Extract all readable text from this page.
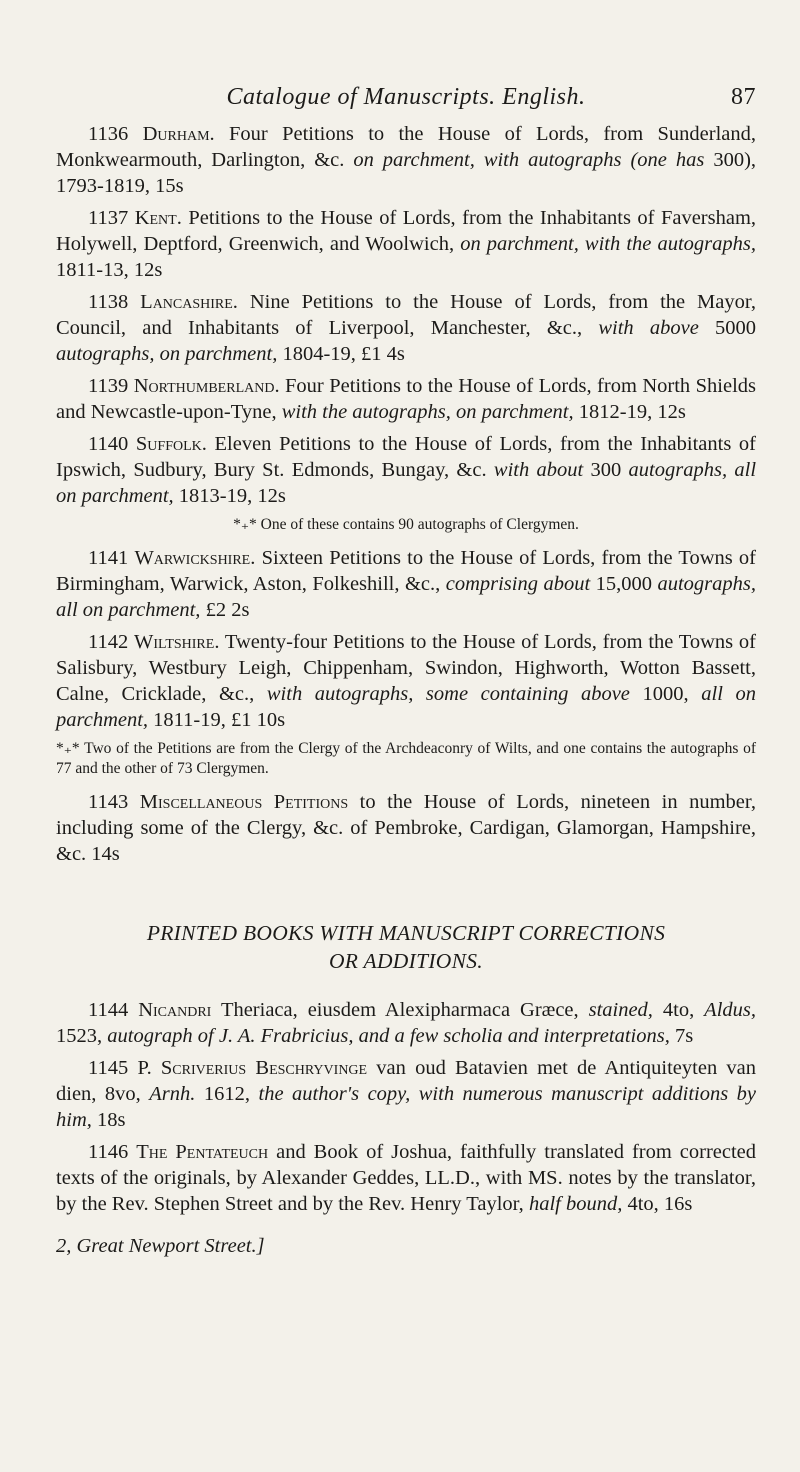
Catalogue of Manuscripts. English.	87

1136 Durham. Four Petitions to the House of Lords, from Sunderland, Monkwearmouth, Darlington, &c. on parchment, with autographs (one has 300), 1793-1819, 15s

1137 Kent. Petitions to the House of Lords, from the Inhabitants of Faversham, Holywell, Deptford, Greenwich, and Woolwich, on parchment, with the autographs, 1811-13, 12s

1138 Lancashire. Nine Petitions to the House of Lords, from the Mayor, Council, and Inhabitants of Liverpool, Manchester, &c., with above 5000 autographs, on parchment, 1804-19, £1 4s

1139 Northumberland. Four Petitions to the House of Lords, from North Shields and Newcastle-upon-Tyne, with the autographs, on parchment, 1812-19, 12s

1140 Suffolk. Eleven Petitions to the House of Lords, from the Inhabitants of Ipswich, Sudbury, Bury St. Edmonds, Bungay, &c. with about 300 autographs, all on parchment, 1813-19, 12s

*₊* One of these contains 90 autographs of Clergymen.

1141 Warwickshire. Sixteen Petitions to the House of Lords, from the Towns of Birmingham, Warwick, Aston, Folkeshill, &c., comprising about 15,000 autographs, all on parchment, £2 2s

1142 Wiltshire. Twenty-four Petitions to the House of Lords, from the Towns of Salisbury, Westbury Leigh, Chippenham, Swindon, Highworth, Wotton Bassett, Calne, Cricklade, &c., with autographs, some containing above 1000, all on parchment, 1811-19, £1 10s

*₊* Two of the Petitions are from the Clergy of the Archdeaconry of Wilts, and one contains the autographs of 77 and the other of 73 Clergymen.

1143 Miscellaneous Petitions to the House of Lords, nineteen in number, including some of the Clergy, &c. of Pembroke, Cardigan, Glamorgan, Hampshire, &c. 14s

PRINTED BOOKS WITH MANUSCRIPT CORRECTIONS
OR ADDITIONS.

1144 Nicandri Theriaca, eiusdem Alexipharmaca Græce, stained, 4to, Aldus, 1523, autograph of J. A. Frabricius, and a few scholia and interpretations, 7s

1145 P. Scriverius Beschryvinge van oud Batavien met de Antiquiteyten van dien, 8vo, Arnh. 1612, the author's copy, with numerous manuscript additions by him, 18s

1146 The Pentateuch and Book of Joshua, faithfully translated from corrected texts of the originals, by Alexander Geddes, LL.D., with MS. notes by the translator, by the Rev. Stephen Street and by the Rev. Henry Taylor, half bound, 4to, 16s

2, Great Newport Street.]
